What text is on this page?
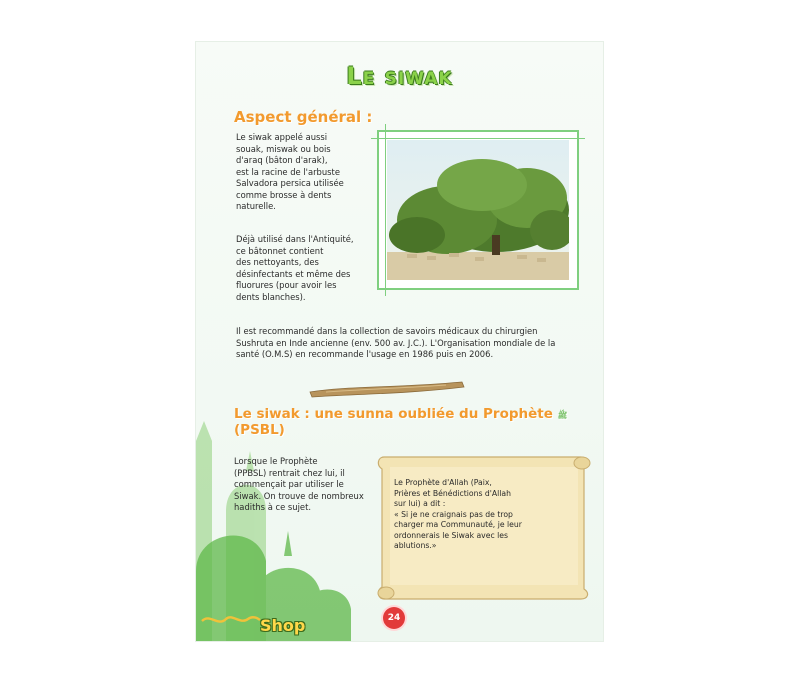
Le siwak
Aspect général :
Le siwak appelé aussi
souak, miswak ou bois
d'araq (bâton d'arak),
est la racine de l'arbuste
Salvadora persica utilisée
comme brosse à dents
naturelle.
Déjà utilisé dans l'Antiquité,
ce bâtonnet contient
des nettoyants, des
désinfectants et même des
fluorures (pour avoir les
dents blanches).
Il est recommandé dans la collection de savoirs médicaux du chirurgien
Sushruta en Inde ancienne (env. 500 av. J.C.). L'Organisation mondiale de la
santé (O.M.S) en recommande l'usage en 1986 puis en 2006.
Le siwak : une sunna oubliée du Prophète ﷺ (PSBL)
Lorsque le Prophète
(PPBSL) rentrait chez lui, il
commençait par utiliser le
Siwak. On trouve de nombreux
hadiths à ce sujet.
Le Prophète d'Allah (Paix,
Prières et Bénédictions d'Allah
sur lui) a dit :
« Si je ne craignais pas de trop
charger ma Communauté, je leur
ordonnerais le Siwak avec les
ablutions.»
Shop	24
